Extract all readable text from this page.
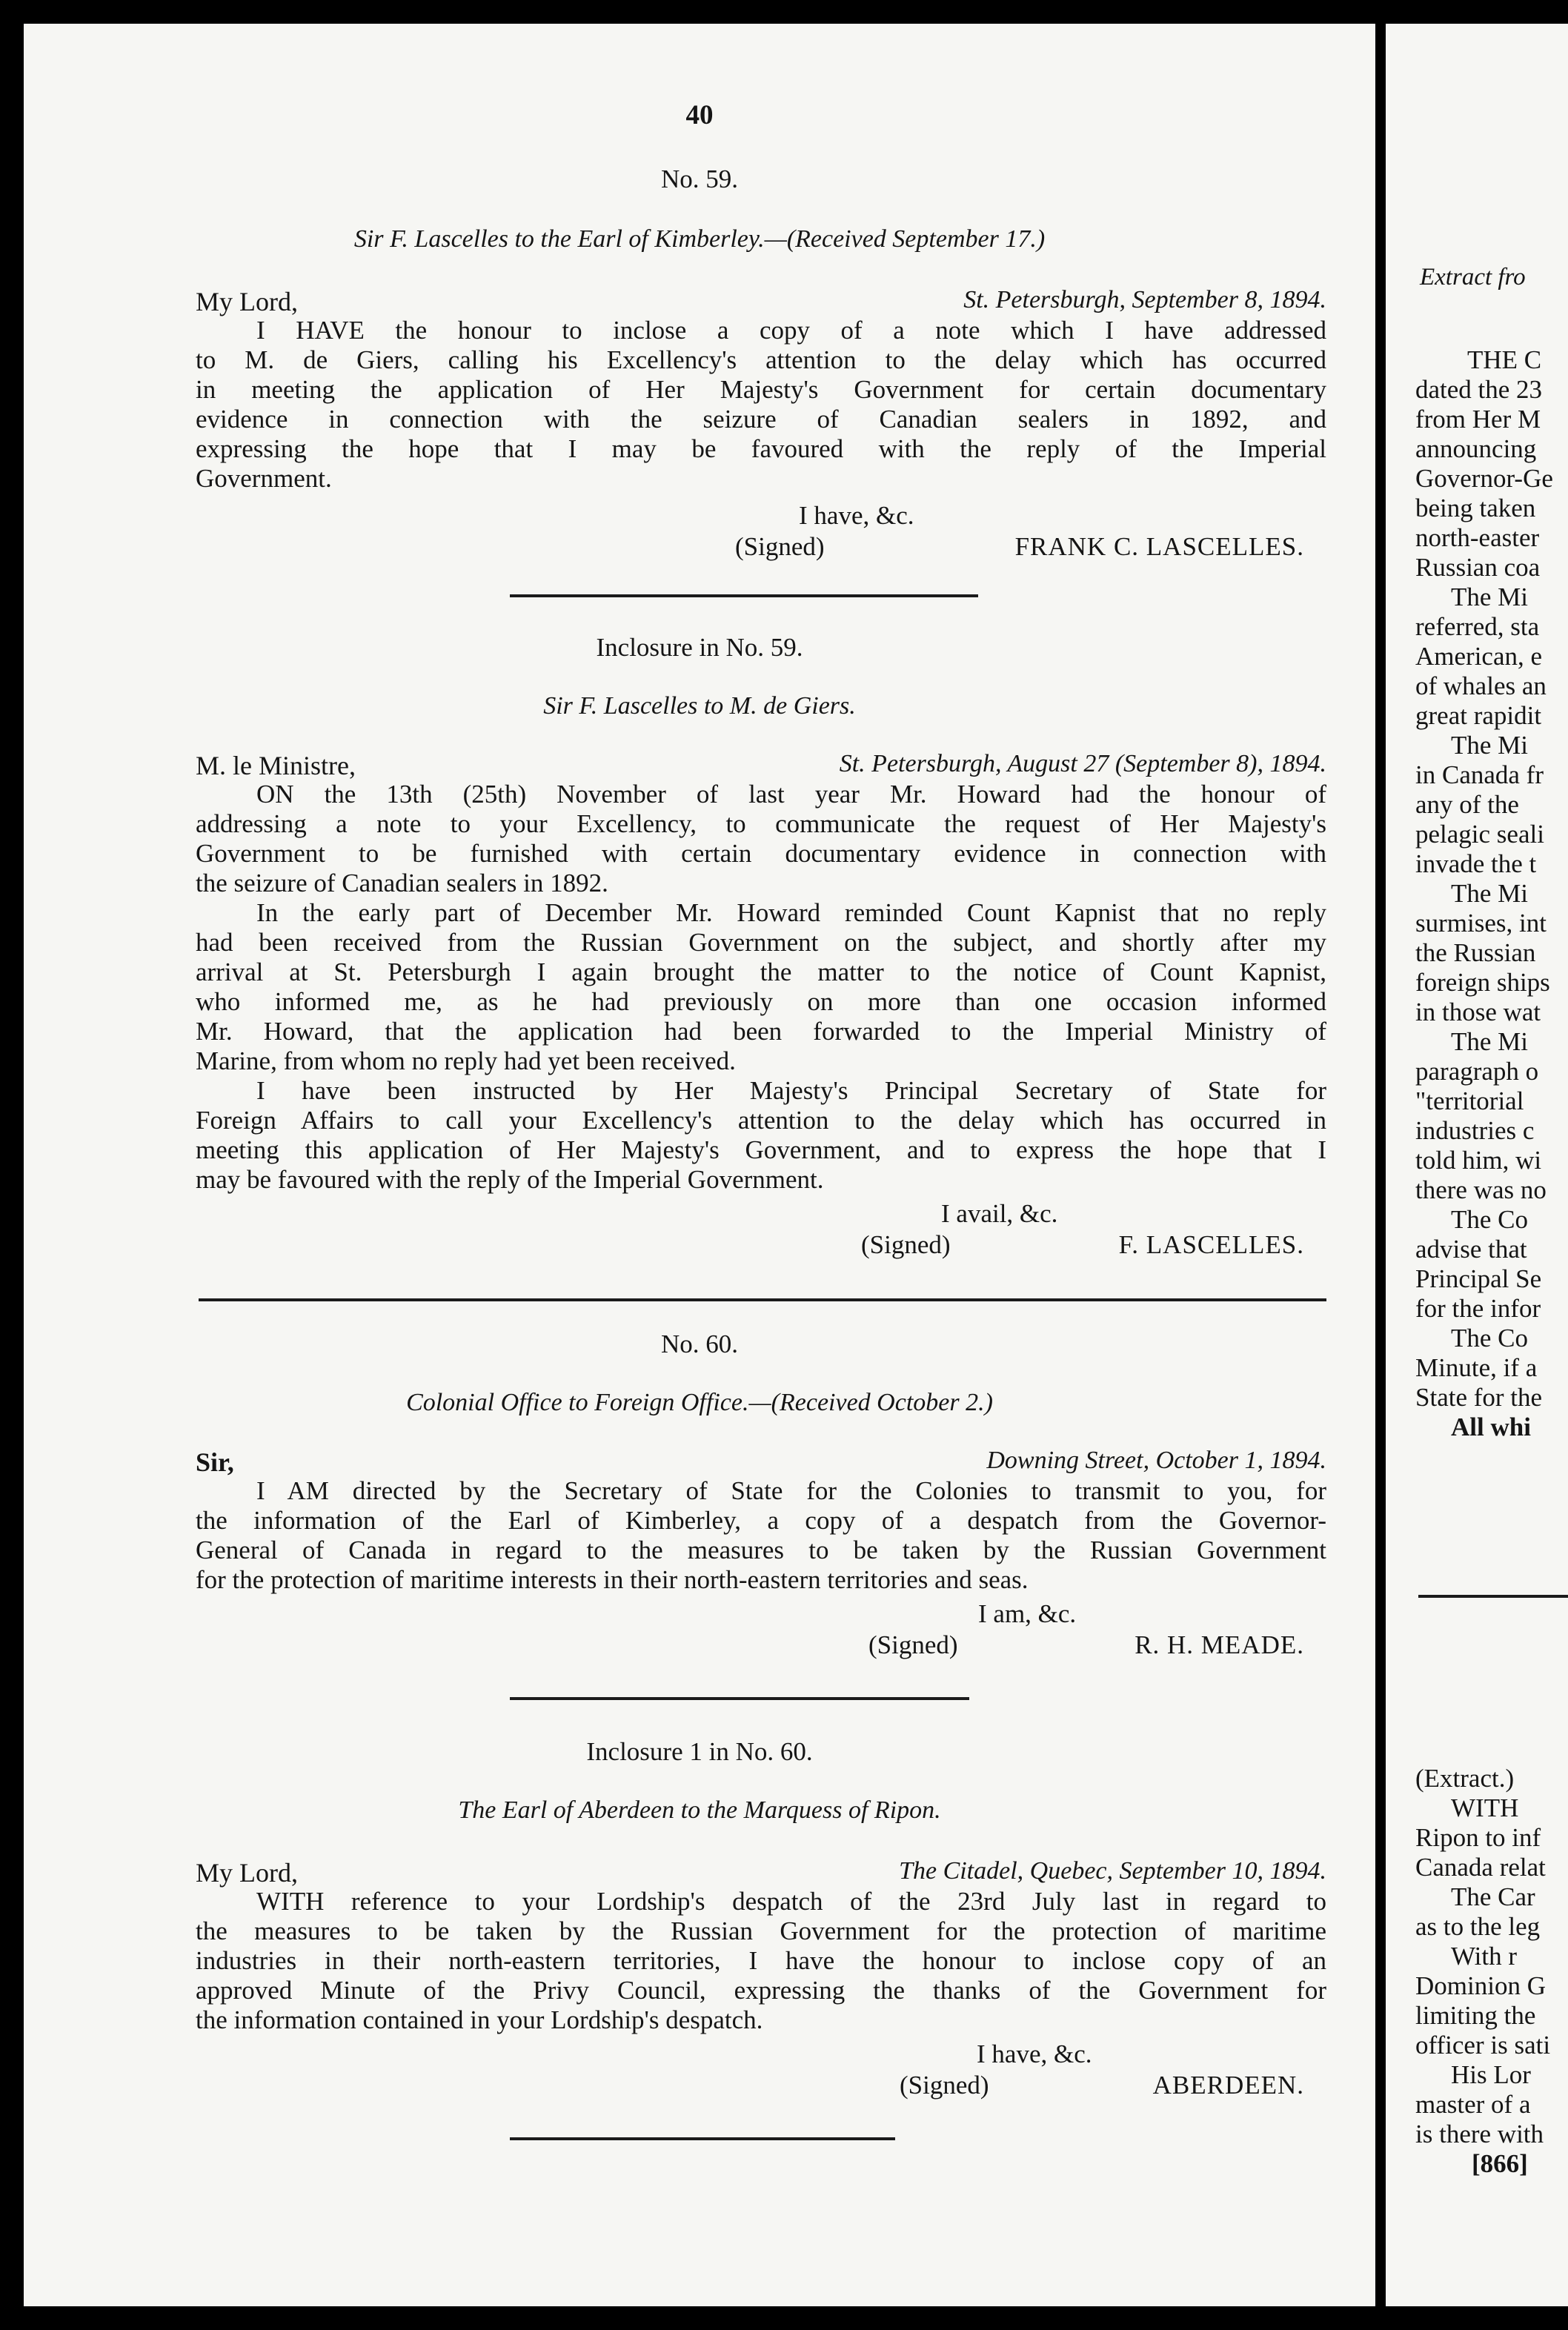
40
No. 59.
Sir F. Lascelles to the Earl of Kimberley.—(Received September 17.)
My Lord,	St. Petersburgh, September 8, 1894.
I HAVE the honour to inclose a copy of a note which I have addressed
to M. de Giers, calling his Excellency's attention to the delay which has occurred
in meeting the application of Her Majesty's Government for certain documentary
evidence in connection with the seizure of Canadian sealers in 1892, and
expressing the hope that I may be favoured with the reply of the Imperial
Government.
I have, &c.
(Signed)	FRANK C. LASCELLES.
Inclosure in No. 59.
Sir F. Lascelles to M. de Giers.
M. le Ministre,	St. Petersburgh, August 27 (September 8), 1894.
ON the 13th (25th) November of last year Mr. Howard had the honour of
addressing a note to your Excellency, to communicate the request of Her Majesty's
Government to be furnished with certain documentary evidence in connection with
the seizure of Canadian sealers in 1892.
In the early part of December Mr. Howard reminded Count Kapnist that no reply
had been received from the Russian Government on the subject, and shortly after my
arrival at St. Petersburgh I again brought the matter to the notice of Count Kapnist,
who informed me, as he had previously on more than one occasion informed
Mr. Howard, that the application had been forwarded to the Imperial Ministry of
Marine, from whom no reply had yet been received.
I have been instructed by Her Majesty's Principal Secretary of State for
Foreign Affairs to call your Excellency's attention to the delay which has occurred in
meeting this application of Her Majesty's Government, and to express the hope that I
may be favoured with the reply of the Imperial Government.
I avail, &c.
(Signed)	F. LASCELLES.
No. 60.
Colonial Office to Foreign Office.—(Received October 2.)
Sir,	Downing Street, October 1, 1894.
I AM directed by the Secretary of State for the Colonies to transmit to you, for
the information of the Earl of Kimberley, a copy of a despatch from the Governor-
General of Canada in regard to the measures to be taken by the Russian Government
for the protection of maritime interests in their north-eastern territories and seas.
I am, &c.
(Signed)	R. H. MEADE.
Inclosure 1 in No. 60.
The Earl of Aberdeen to the Marquess of Ripon.
My Lord,	The Citadel, Quebec, September 10, 1894.
WITH reference to your Lordship's despatch of the 23rd July last in regard to
the measures to be taken by the Russian Government for the protection of maritime
industries in their north-eastern territories, I have the honour to inclose copy of an
approved Minute of the Privy Council, expressing the thanks of the Government for
the information contained in your Lordship's despatch.
I have, &c.
(Signed)	ABERDEEN.
Extract fro
THE C
dated the 23
from Her M
announcing
Governor-Ge
being taken
north-easter
Russian coa
The Mi
referred, sta
American, e
of whales an
great rapidit
The Mi
in Canada fr
any of the
pelagic seali
invade the t
The Mi
surmises, int
the Russian
foreign ships
in those wat
The Mi
paragraph o
"territorial
industries c
told him, wi
there was no
The Co
advise that
Principal Se
for the infor
The Co
Minute, if a
State for the
All whi
(Extract.)
WITH
Ripon to inf
Canada relat
The Car
as to the leg
With r
Dominion G
limiting the
officer is sati
His Lor
master of a
is there with
[866]
